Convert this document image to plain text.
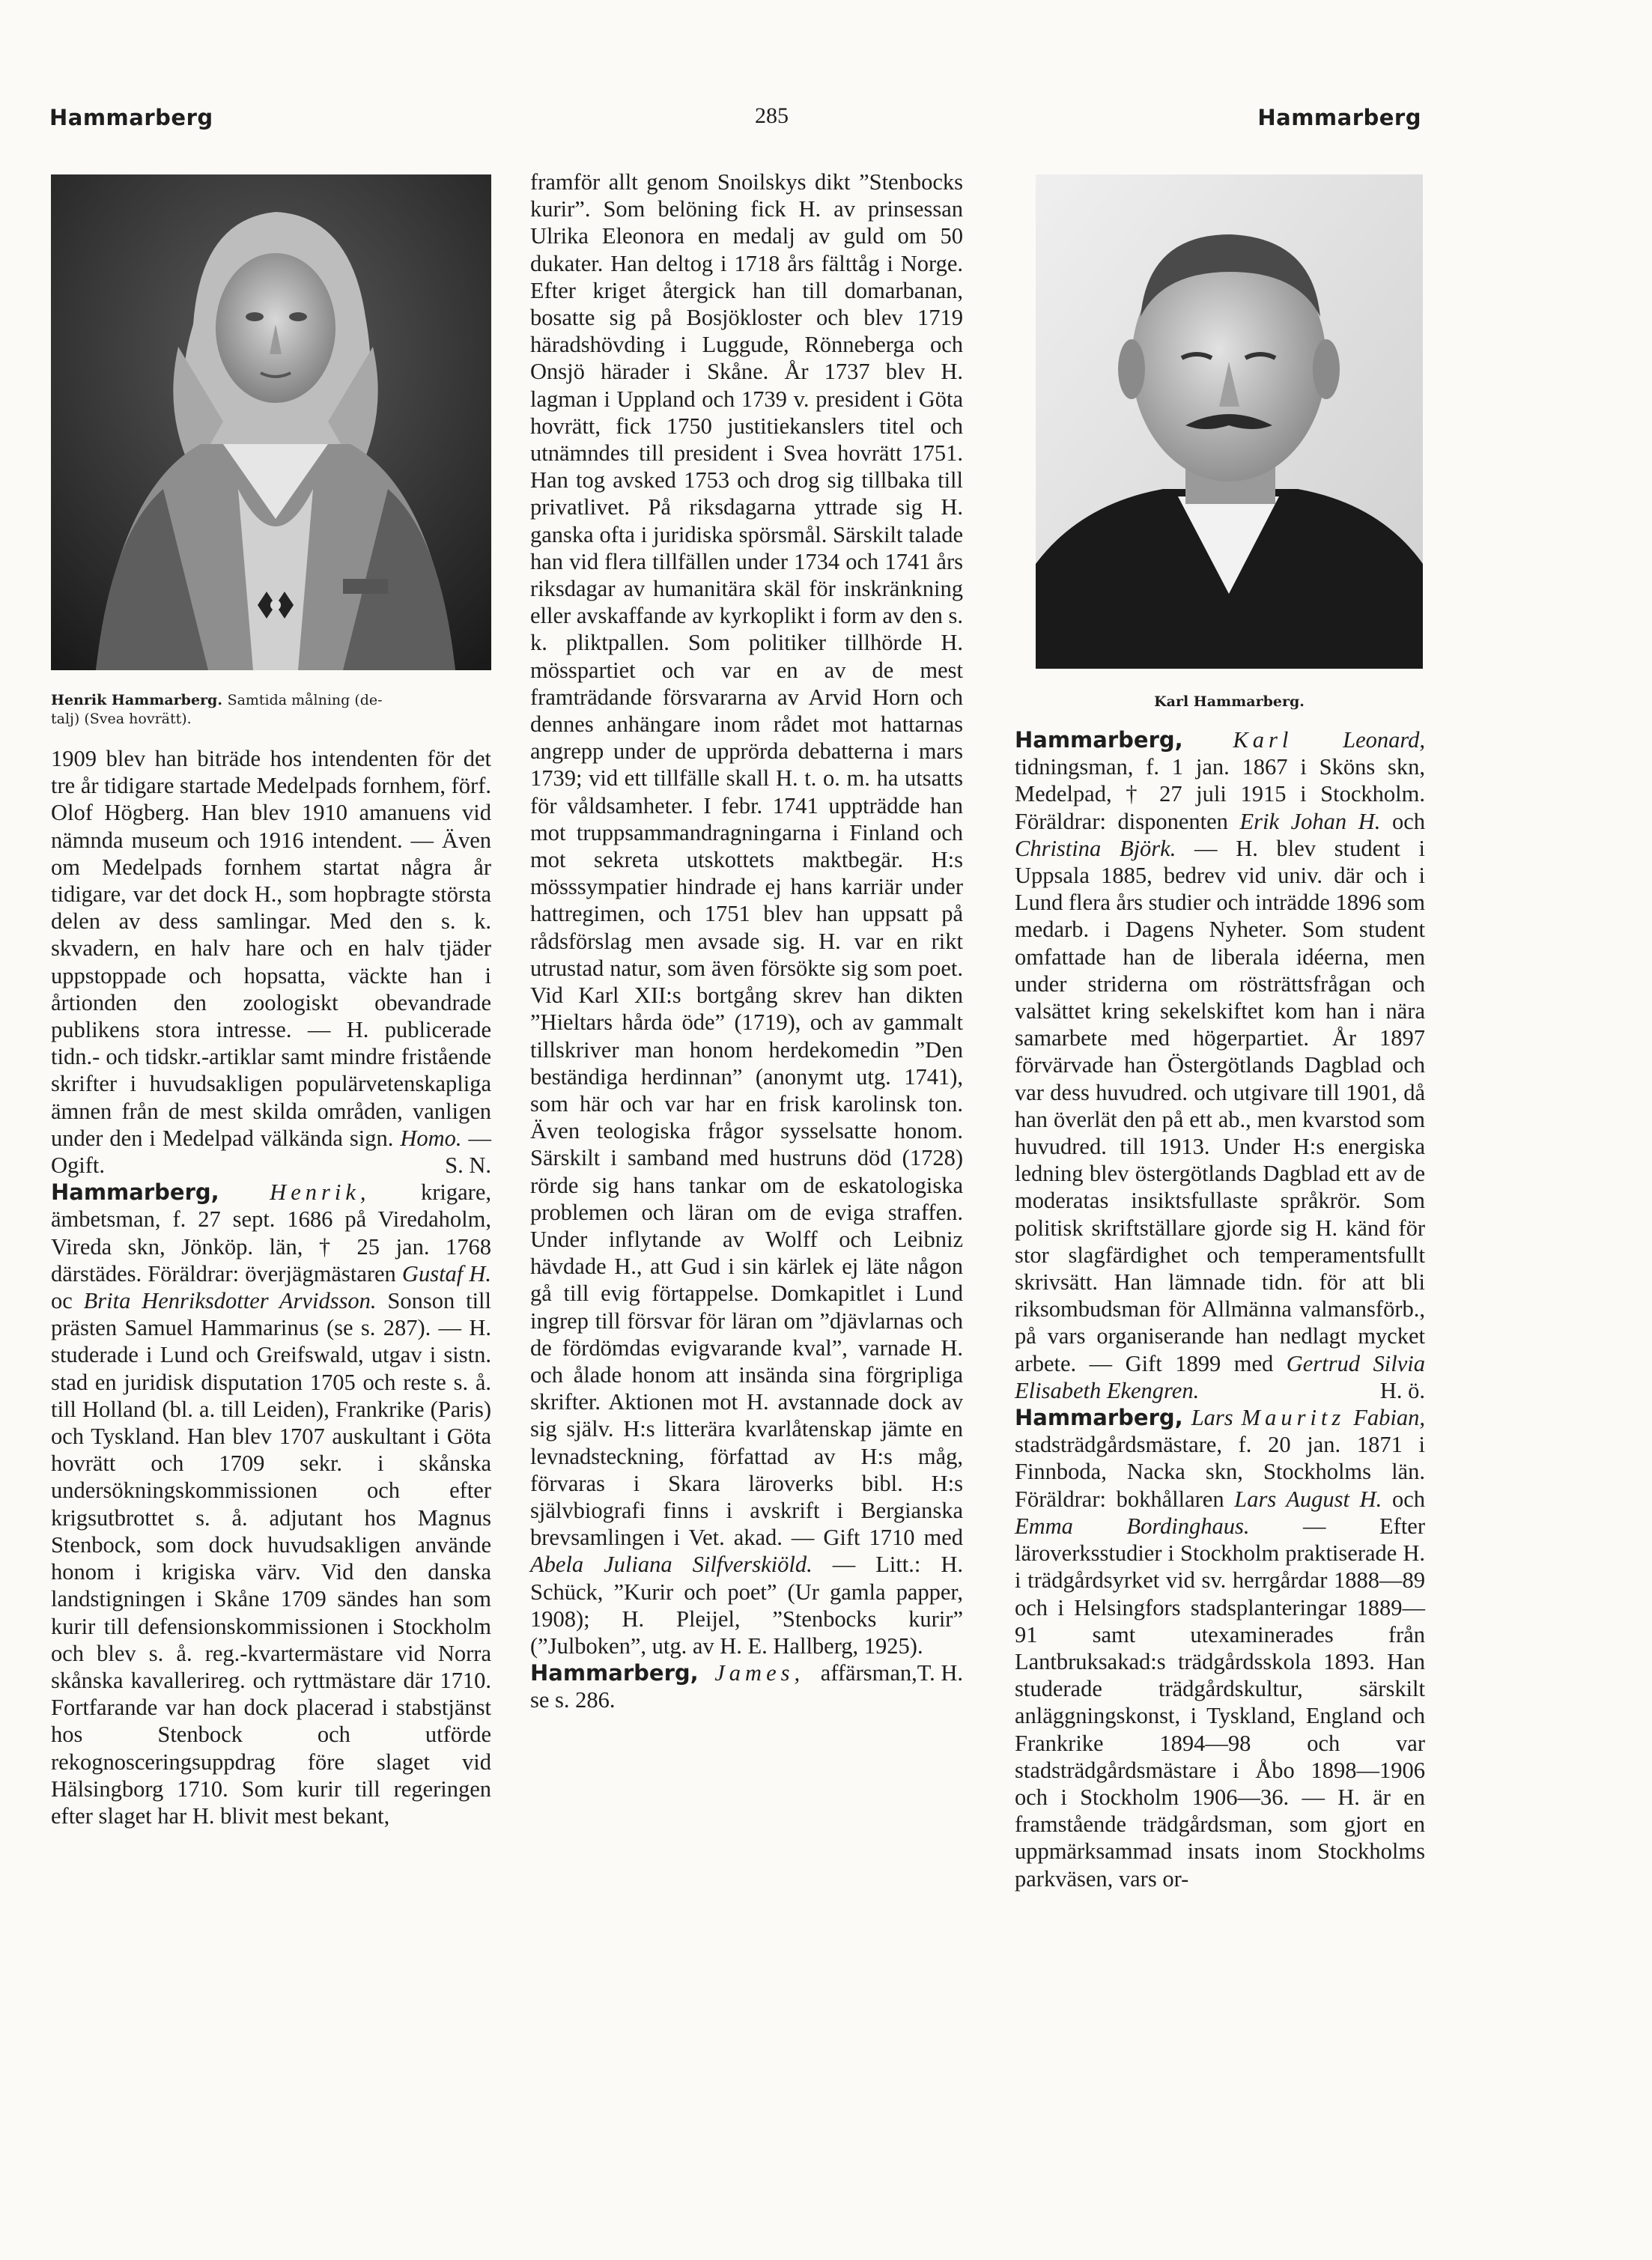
Hammarberg	285	Hammarberg
Henrik Hammarberg. Samtida målning (de-
talj) (Svea hovrätt).
Karl Hammarberg.

1909 blev han biträde hos intendenten för det tre år tidigare startade Medelpads fornhem, förf. Olof Högberg. Han blev 1910 amanuens vid nämnda museum och 1916 intendent. — Även om Medelpads fornhem startat några år tidigare, var det dock H., som hopbragte största delen av dess samlingar. Med den s. k. skvadern, en halv hare och en halv tjäder uppstoppade och hopsatta, väckte han i årtionden den zoologiskt obevandrade publikens stora intresse. — H. publicerade tidn.- och tidskr.-artiklar samt mindre fristående skrifter i huvudsakligen populärvetenskapliga ämnen från de mest skilda områden, vanligen under den i Medelpad välkända sign. Homo. — Ogift.	S. N.

Hammarberg, Henrik, krigare, ämbetsman, f. 27 sept. 1686 på Viredaholm, Vireda skn, Jönköp. län, † 25 jan. 1768 därstädes. Föräldrar: överjägmästaren Gustaf H. oc Brita Henriksdotter Arvidsson. Sonson till prästen Samuel Hammarinus (se s. 287). — H. studerade i Lund och Greifswald, utgav i sistn. stad en juridisk disputation 1705 och reste s. å. till Holland (bl. a. till Leiden), Frankrike (Paris) och Tyskland. Han blev 1707 auskultant i Göta hovrätt och 1709 sekr. i skånska undersökningskommissionen och efter krigsutbrottet s. å. adjutant hos Magnus Stenbock, som dock huvudsakligen använde honom i krigiska värv. Vid den danska landstigningen i Skåne 1709 sändes han som kurir till defensionskommissionen i Stockholm och blev s. å. reg.-kvartermästare vid Norra skånska kavallerireg. och ryttmästare där 1710. Fortfarande var han dock placerad i stabstjänst hos Stenbock och utförde rekognosceringsuppdrag före slaget vid Hälsingborg 1710. Som kurir till regeringen efter slaget har H. blivit mest bekant,

framför allt genom Snoilskys dikt ”Stenbocks kurir”. Som belöning fick H. av prinsessan Ulrika Eleonora en medalj av guld om 50 dukater. Han deltog i 1718 års fälttåg i Norge. Efter kriget återgick han till domarbanan, bosatte sig på Bosjökloster och blev 1719 häradshövding i Luggude, Rönneberga och Onsjö härader i Skåne. År 1737 blev H. lagman i Uppland och 1739 v. president i Göta hovrätt, fick 1750 justitiekanslers titel och utnämndes till president i Svea hovrätt 1751. Han tog avsked 1753 och drog sig tillbaka till privatlivet. På riksdagarna yttrade sig H. ganska ofta i juridiska spörsmål. Särskilt talade han vid flera tillfällen under 1734 och 1741 års riksdagar av humanitära skäl för inskränkning eller avskaffande av kyrkoplikt i form av den s. k. pliktpallen. Som politiker tillhörde H. mösspartiet och var en av de mest framträdande försvararna av Arvid Horn och dennes anhängare inom rådet mot hattarnas angrepp under de upprörda debatterna i mars 1739; vid ett tillfälle skall H. t. o. m. ha utsatts för våldsamheter. I febr. 1741 uppträdde han mot truppsammandragningarna i Finland och mot sekreta utskottets maktbegär. H:s mösssympatier hindrade ej hans karriär under hattregimen, och 1751 blev han uppsatt på rådsförslag men avsade sig. H. var en rikt utrustad natur, som även försökte sig som poet. Vid Karl XII:s bortgång skrev han dikten ”Hieltars hårda öde” (1719), och av gammalt tillskriver man honom herdekomedin ”Den beständiga herdinnan” (anonymt utg. 1741), som här och var har en frisk karolinsk ton. Även teologiska frågor sysselsatte honom. Särskilt i samband med hustruns död (1728) rörde sig hans tankar om de eskatologiska problemen och läran om de eviga straffen. Under inflytande av Wolff och Leibniz hävdade H., att Gud i sin kärlek ej läte någon gå till evig förtappelse. Domkapitlet i Lund ingrep till försvar för läran om ”djävlarnas och de fördömdas evigvarande kval”, varnade H. och ålade honom att insända sina förgripliga skrifter. Aktionen mot H. avstannade dock av sig själv. H:s litterära kvarlåtenskap jämte en levnadsteckning, författad av H:s måg, förvaras i Skara läroverks bibl. H:s självbiografi finns i avskrift i Bergianska brevsamlingen i Vet. akad. — Gift 1710 med Abela Juliana Silfverskiöld. — Litt.: H. Schück, ”Kurir och poet” (Ur gamla papper, 1908); H. Pleijel, ”Stenbocks kurir” (”Julboken”, utg. av H. E. Hallberg, 1925).
T. H.

Hammarberg, James, affärsman, se s. 286.

Hammarberg, Karl Leonard, tidningsman, f. 1 jan. 1867 i Sköns skn, Medelpad, † 27 juli 1915 i Stockholm. Föräldrar: disponenten Erik Johan H. och Christina Björk. — H. blev student i Uppsala 1885, bedrev vid univ. där och i Lund flera års studier och inträdde 1896 som medarb. i Dagens Nyheter. Som student omfattade han de liberala idéerna, men under striderna om rösträttsfrågan och valsättet kring sekelskiftet kom han i nära samarbete med högerpartiet. År 1897 förvärvade han Östergötlands Dagblad och var dess huvudred. och utgivare till 1901, då han överlät den på ett ab., men kvarstod som huvudred. till 1913. Under H:s energiska ledning blev östergötlands Dagblad ett av de moderatas insiktsfullaste språkrör. Som politisk skriftställare gjorde sig H. känd för stor slagfärdighet och temperamentsfullt skrivsätt. Han lämnade tidn. för att bli riksombudsman för Allmänna valmansförb., på vars organiserande han nedlagt mycket arbete. — Gift 1899 med Gertrud Silvia Elisabeth Ekengren.	H. ö.

Hammarberg, Lars Mauritz Fabian, stadsträdgårdsmästare, f. 20 jan. 1871 i Finnboda, Nacka skn, Stockholms län. Föräldrar: bokhållaren Lars August H. och Emma Bordinghaus. — Efter läroverksstudier i Stockholm praktiserade H. i trädgårdsyrket vid sv. herrgårdar 1888—89 och i Helsingfors stadsplanteringar 1889—91 samt utexaminerades från Lantbruksakad:s trädgårdsskola 1893. Han studerade trädgårdskultur, särskilt anläggningskonst, i Tyskland, England och Frankrike 1894—98 och var stadsträdgårdsmästare i Åbo 1898—1906 och i Stockholm 1906—36. — H. är en framstående trädgårdsman, som gjort en uppmärksammad insats inom Stockholms parkväsen, vars or-
